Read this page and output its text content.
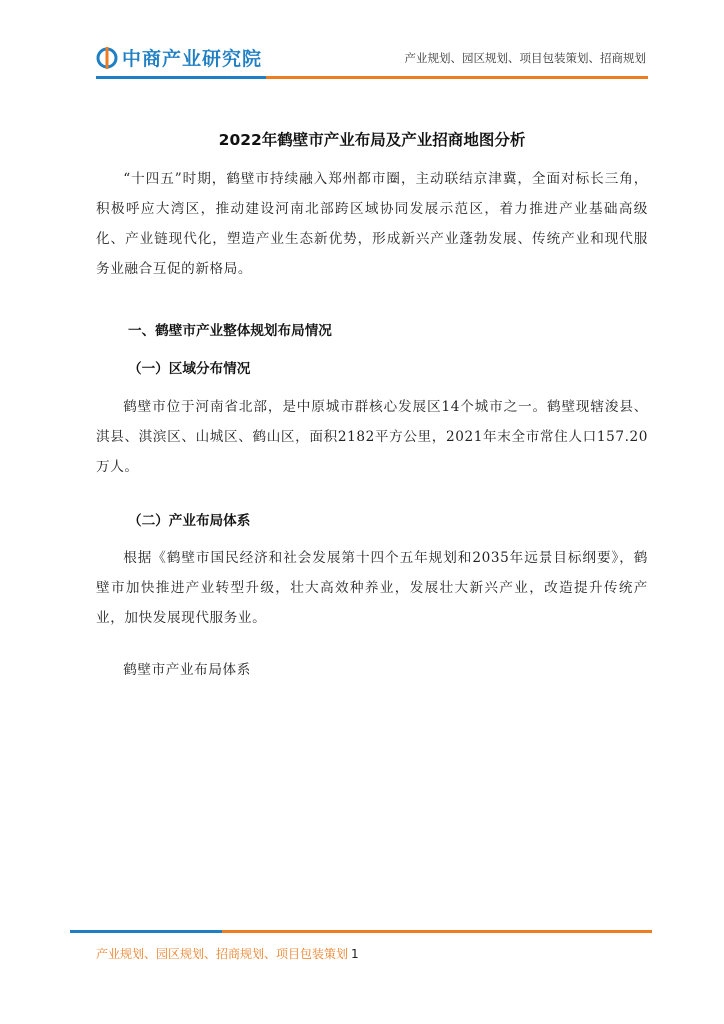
中商产业研究院	产业规划、园区规划、项目包装策划、招商规划
2022年鹤壁市产业布局及产业招商地图分析

“十四五”时期，鹤壁市持续融入郑州都市圈，主动联结京津冀，全面对标长三角，积极呼应大湾区，推动建设河南北部跨区域协同发展示范区，着力推进产业基础高级化、产业链现代化，塑造产业生态新优势，形成新兴产业蓬勃发展、传统产业和现代服务业融合互促的新格局。

一、鹤壁市产业整体规划布局情况
（一）区域分布情况

鹤壁市位于河南省北部，是中原城市群核心发展区14个城市之一。鹤壁现辖浚县、淇县、淇滨区、山城区、鹤山区，面积2182平方公里，2021年末全市常住人口157.20万人。

（二）产业布局体系

根据《鹤壁市国民经济和社会发展第十四个五年规划和2035年远景目标纲要》，鹤壁市加快推进产业转型升级，壮大高效种养业，发展壮大新兴产业，改造提升传统产业，加快发展现代服务业。

鹤壁市产业布局体系

产业规划、园区规划、招商规划、项目包装策划 1
